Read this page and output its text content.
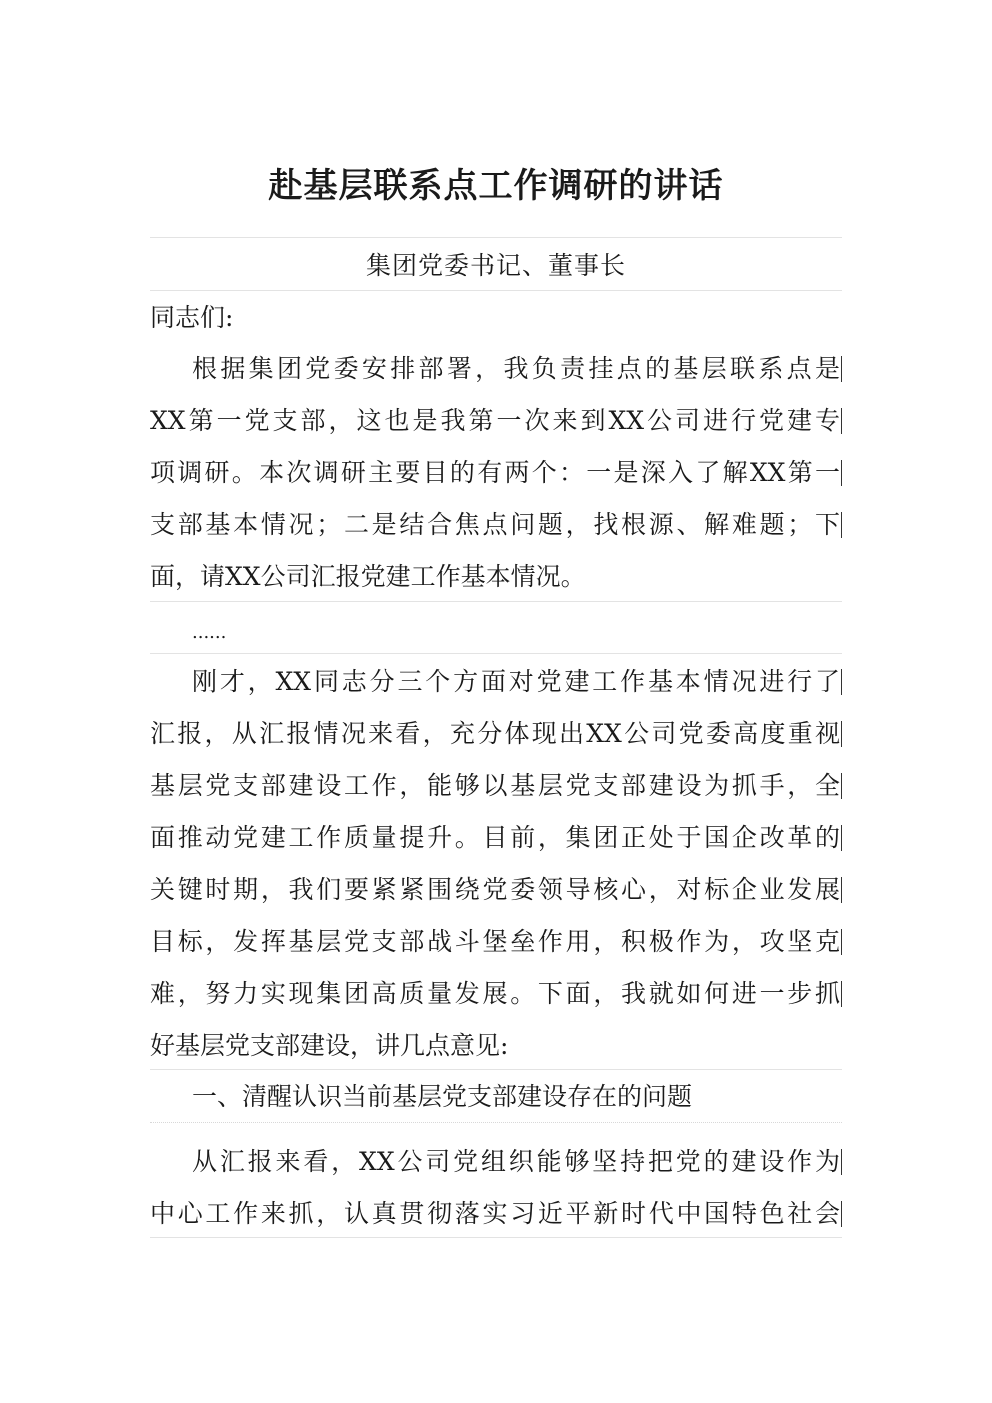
赴基层联系点工作调研的讲话
集团党委书记、董事长
同志们:
根据集团党委安排部署，我负责挂点的基层联系点是
XX第一党支部，这也是我第一次来到XX公司进行党建专
项调研。本次调研主要目的有两个：一是深入了解XX第一
支部基本情况；二是结合焦点问题，找根源、解难题；下
面，请XX公司汇报党建工作基本情况。
......
刚才，XX同志分三个方面对党建工作基本情况进行了
汇报，从汇报情况来看，充分体现出XX公司党委高度重视
基层党支部建设工作，能够以基层党支部建设为抓手，全
面推动党建工作质量提升。目前，集团正处于国企改革的
关键时期，我们要紧紧围绕党委领导核心，对标企业发展
目标，发挥基层党支部战斗堡垒作用，积极作为，攻坚克
难，努力实现集团高质量发展。下面，我就如何进一步抓
好基层党支部建设，讲几点意见:
一、清醒认识当前基层党支部建设存在的问题
从汇报来看，XX公司党组织能够坚持把党的建设作为
中心工作来抓，认真贯彻落实习近平新时代中国特色社会
